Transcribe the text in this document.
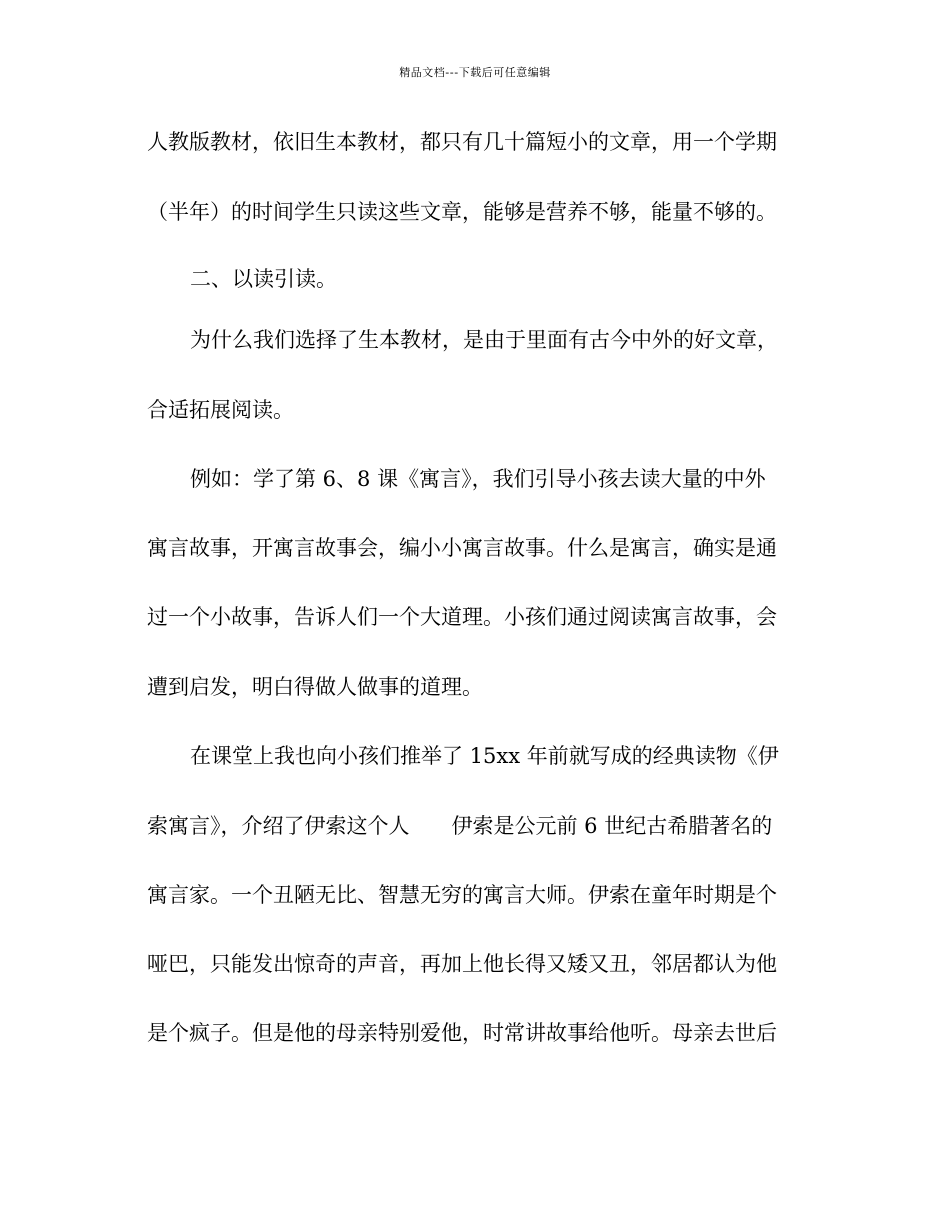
精品文档---下载后可任意编辑
人教版教材，依旧生本教材，都只有几十篇短小的文章，用一个学期
（半年）的时间学生只读这些文章，能够是营养不够，能量不够的。
二、以读引读。
为什么我们选择了生本教材，是由于里面有古今中外的好文章，
合适拓展阅读。
例如：学了第 6、8 课《寓言》，我们引导小孩去读大量的中外
寓言故事，开寓言故事会，编小小寓言故事。什么是寓言，确实是通
过一个小故事，告诉人们一个大道理。小孩们通过阅读寓言故事，会
遭到启发，明白得做人做事的道理。
在课堂上我也向小孩们推举了 15xx 年前就写成的经典读物《伊
索寓言》，介绍了伊索这个人　　伊索是公元前 6 世纪古希腊著名的
寓言家。一个丑陋无比、智慧无穷的寓言大师。伊索在童年时期是个
哑巴，只能发出惊奇的声音，再加上他长得又矮又丑，邻居都认为他
是个疯子。但是他的母亲特别爱他，时常讲故事给他听。母亲去世后
